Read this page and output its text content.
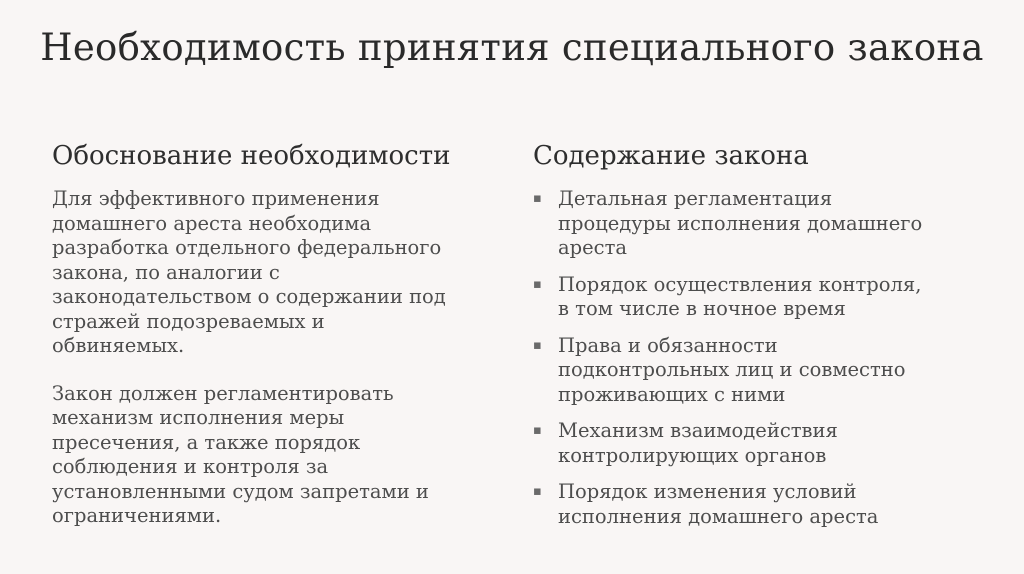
Необходимость принятия специального закона
Обоснование необходимости
Для эффективного применения
домашнего ареста необходима
разработка отдельного федерального
закона, по аналогии с
законодательством о содержании под
стражей подозреваемых и
обвиняемых.
Закон должен регламентировать
механизм исполнения меры
пресечения, а также порядок
соблюдения и контроля за
установленными судом запретами и
ограничениями.
Содержание закона
▪ Детальная регламентация
процедуры исполнения домашнего
ареста
▪ Порядок осуществления контроля,
в том числе в ночное время
▪ Права и обязанности
подконтрольных лиц и совместно
проживающих с ними
▪ Механизм взаимодействия
контролирующих органов
▪ Порядок изменения условий
исполнения домашнего ареста
